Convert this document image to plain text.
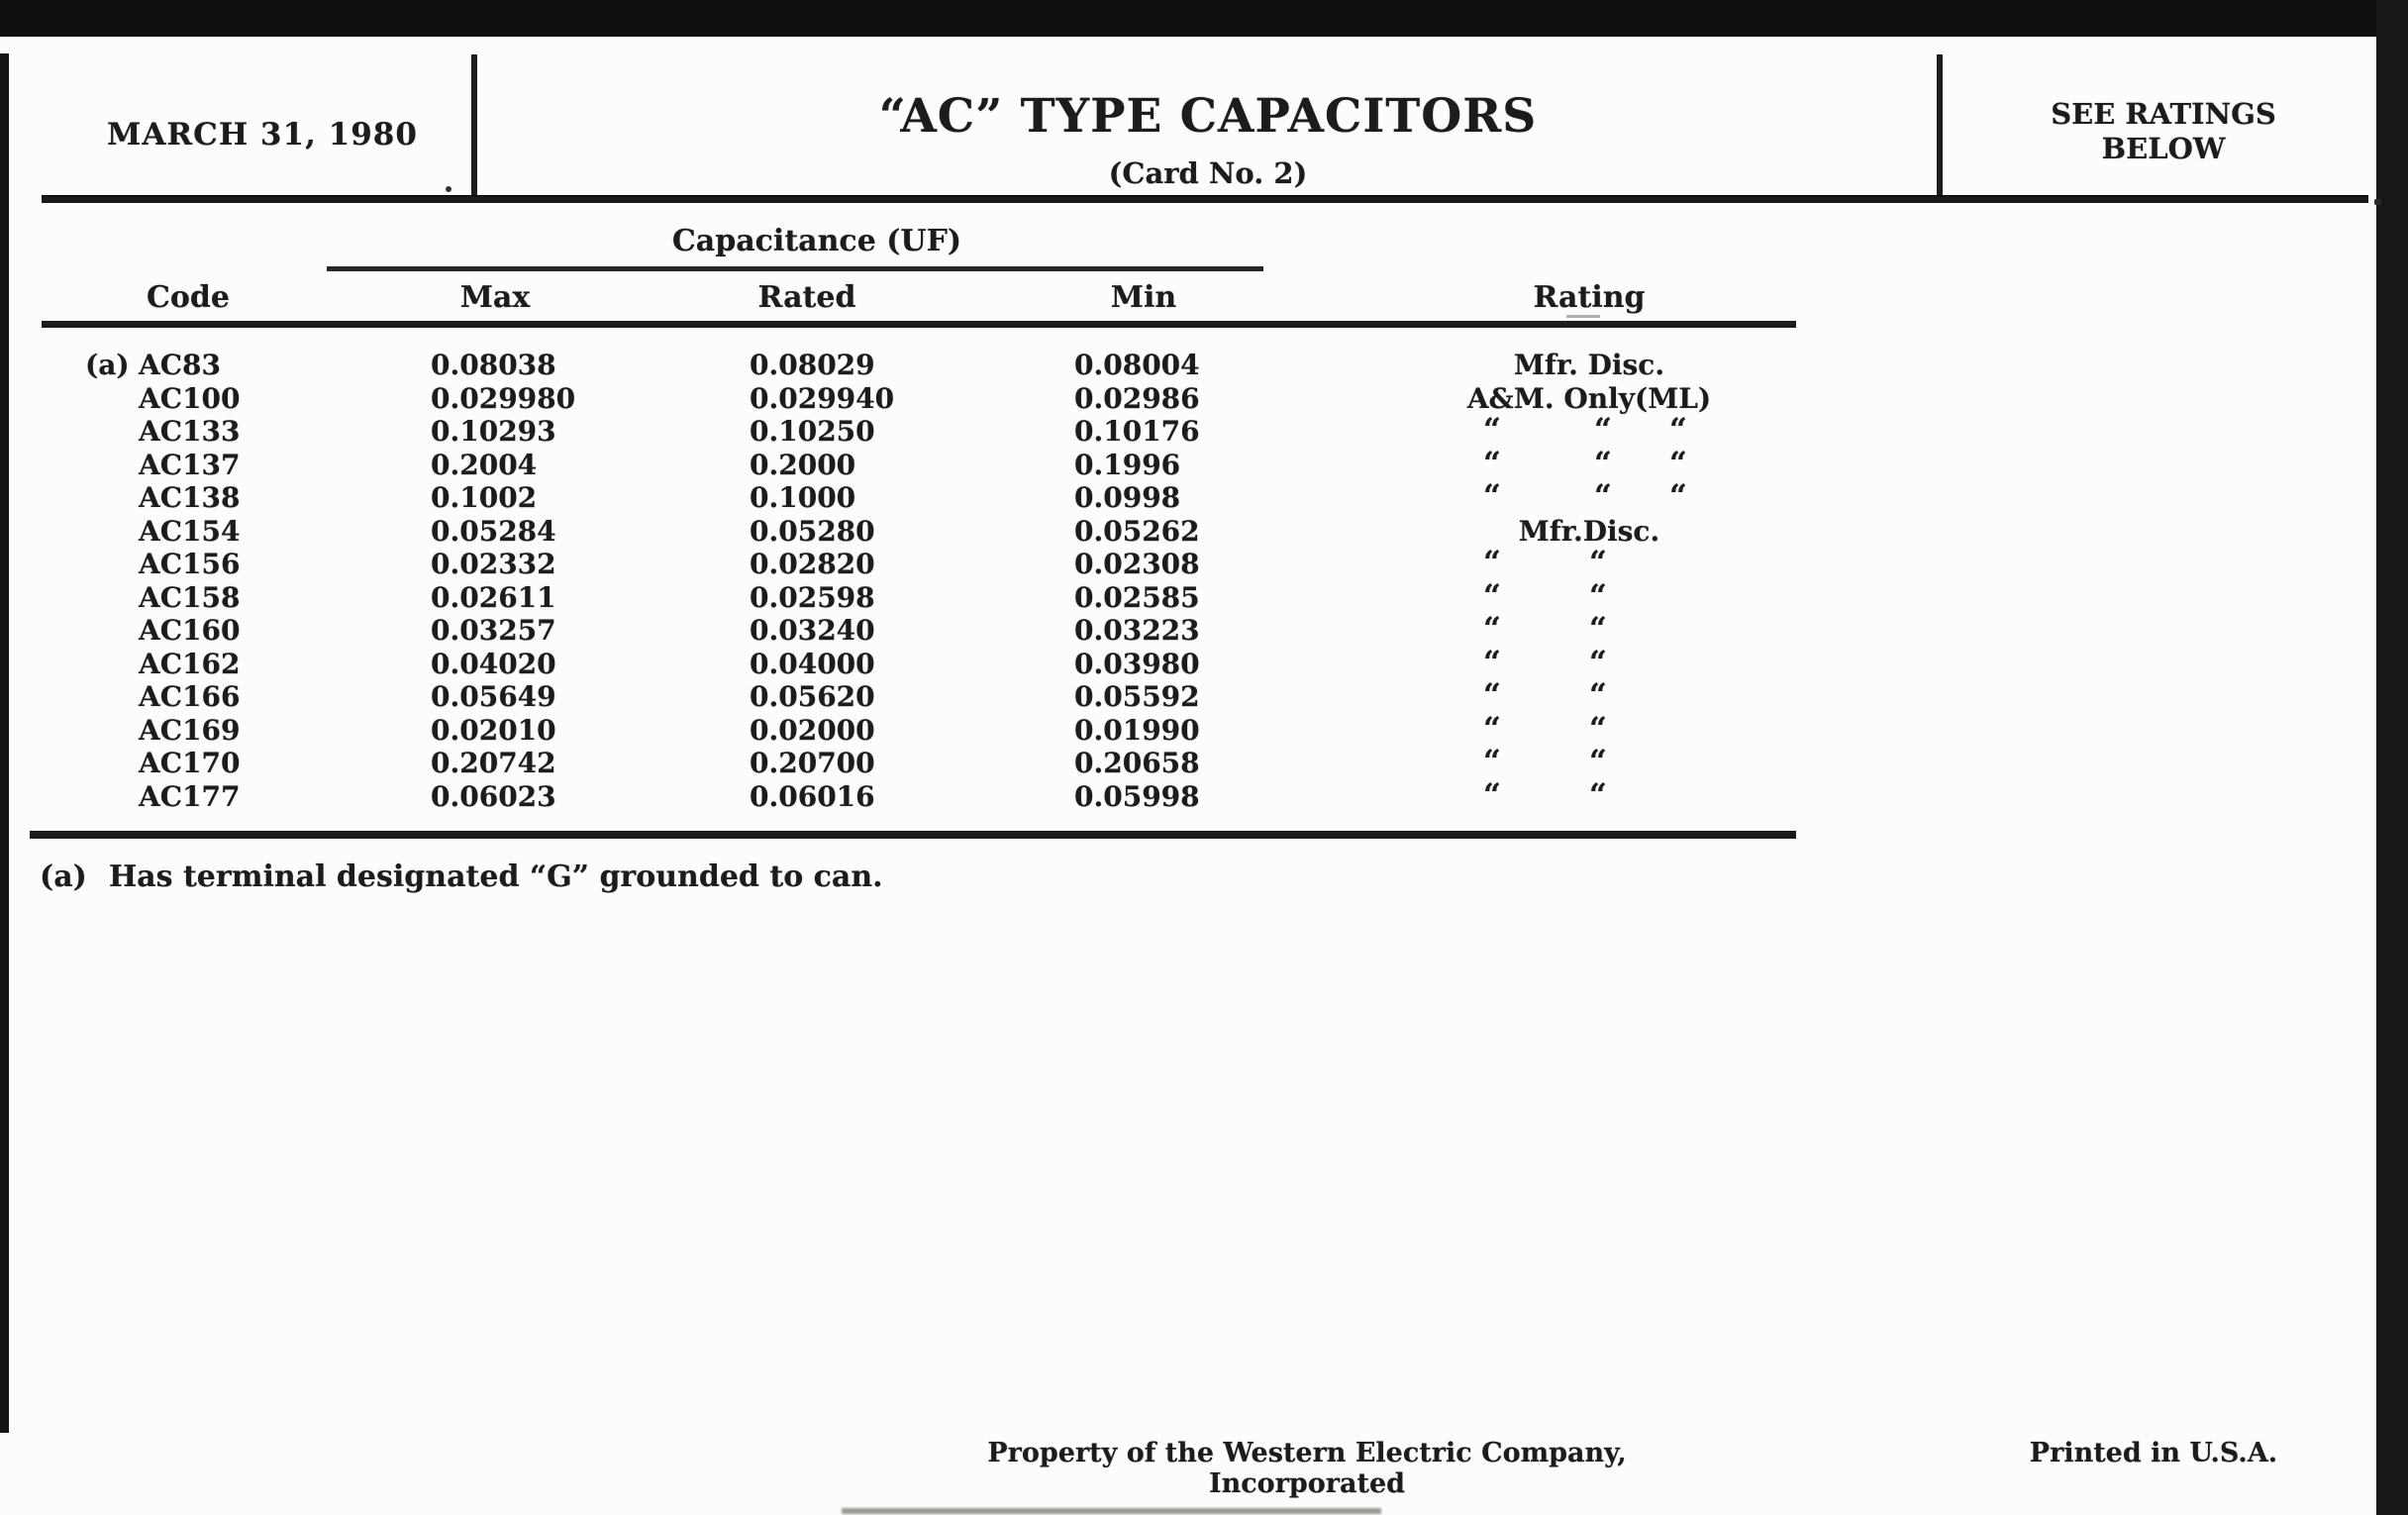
MARCH 31, 1980	“AC” TYPE CAPACITORS
(Card No. 2)
SEE RATINGS
BELOW
Capacitance (UF)
Code	Max	Rated	Min	Rating
(a) AC83	0.08038	0.08029	0.08004	Mfr. Disc.
AC100	0.029980	0.029940	0.02986	A&M. Only(ML)
AC133	0.10293	0.10250	0.10176	“	“ “
AC137	0.2004	0.2000	0.1996	“	“ “
AC138	0.1002	0.1000	0.0998	“	“ “
AC154	0.05284	0.05280	0.05262	Mfr.Disc.
AC156	0.02332	0.02820	0.02308	“	“
AC158	0.02611	0.02598	0.02585	“	“
AC160	0.03257	0.03240	0.03223	“	“
AC162	0.04020	0.04000	0.03980	“	“
AC166	0.05649	0.05620	0.05592	“	“
AC169	0.02010	0.02000	0.01990	“	“
AC170	0.20742	0.20700	0.20658	“	“
AC177	0.06023	0.06016	0.05998	“	“
(a) Has terminal designated “G” grounded to can.
Property of the Western Electric Company, Incorporated
Printed in U.S.A.
